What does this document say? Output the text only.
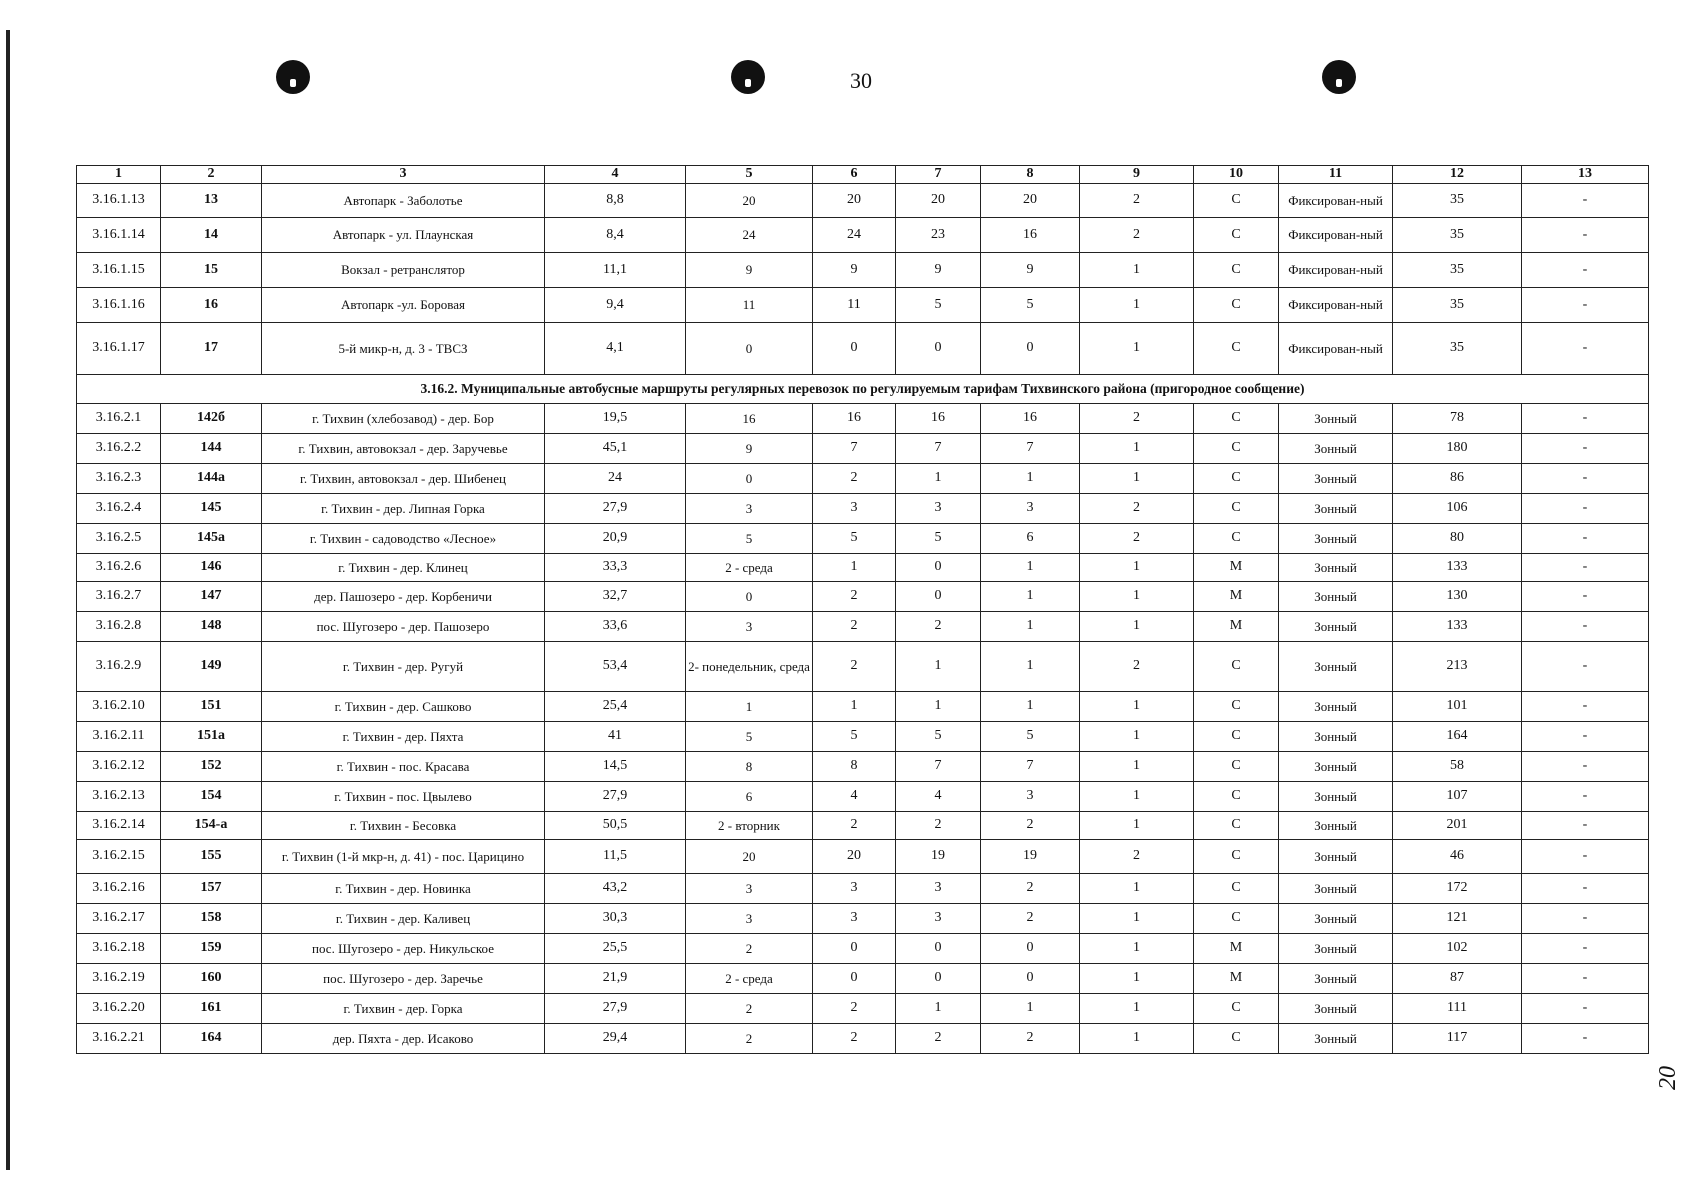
30
20
1	2	3	4	5	6	7	8	9	10	11	12	13
3.16.1.13	13	Автопарк - Заболотье	8,8	20	20	20	20	2	С	Фиксирован-ный	35	-
3.16.1.14	14	Автопарк - ул. Плаунская	8,4	24	24	23	16	2	С	Фиксирован-ный	35	-
3.16.1.15	15	Вокзал - ретранслятор	11,1	9	9	9	9	1	С	Фиксирован-ный	35	-
3.16.1.16	16	Автопарк -ул. Боровая	9,4	11	11	5	5	1	С	Фиксирован-ный	35	-
3.16.1.17	17	5-й микр-н, д. 3 - ТВСЗ	4,1	0	0	0	0	1	С	Фиксирован-ный	35	-
3.16.2. Муниципальные автобусные маршруты регулярных перевозок по регулируемым тарифам Тихвинского района (пригородное сообщение)												
3.16.2.1	142б	г. Тихвин (хлебозавод) - дер. Бор	19,5	16	16	16	16	2	С	Зонный	78	-
3.16.2.2	144	г. Тихвин, автовокзал - дер. Заручевье	45,1	9	7	7	7	1	С	Зонный	180	-
3.16.2.3	144а	г. Тихвин, автовокзал - дер. Шибенец	24	0	2	1	1	1	С	Зонный	86	-
3.16.2.4	145	г. Тихвин - дер. Липная Горка	27,9	3	3	3	3	2	С	Зонный	106	-
3.16.2.5	145а	г. Тихвин - садоводство «Лесное»	20,9	5	5	5	6	2	С	Зонный	80	-
3.16.2.6	146	г. Тихвин - дер. Клинец	33,3	2 - среда	1	0	1	1	М	Зонный	133	-
3.16.2.7	147	дер. Пашозеро - дер. Корбеничи	32,7	0	2	0	1	1	М	Зонный	130	-
3.16.2.8	148	пос. Шугозеро - дер. Пашозеро	33,6	3	2	2	1	1	М	Зонный	133	-
3.16.2.9	149	г. Тихвин - дер. Ругуй	53,4	2- понедельник, среда	2	1	1	2	С	Зонный	213	-
3.16.2.10	151	г. Тихвин - дер. Сашково	25,4	1	1	1	1	1	С	Зонный	101	-
3.16.2.11	151а	г. Тихвин - дер. Пяхта	41	5	5	5	5	1	С	Зонный	164	-
3.16.2.12	152	г. Тихвин - пос. Красава	14,5	8	8	7	7	1	С	Зонный	58	-
3.16.2.13	154	г. Тихвин - пос. Цвылево	27,9	6	4	4	3	1	С	Зонный	107	-
3.16.2.14	154-а	г. Тихвин - Бесовка	50,5	2 - вторник	2	2	2	1	С	Зонный	201	-
3.16.2.15	155	г. Тихвин (1-й мкр-н, д. 41) - пос. Царицино	11,5	20	20	19	19	2	С	Зонный	46	-
3.16.2.16	157	г. Тихвин - дер. Новинка	43,2	3	3	3	2	1	С	Зонный	172	-
3.16.2.17	158	г. Тихвин - дер. Каливец	30,3	3	3	3	2	1	С	Зонный	121	-
3.16.2.18	159	пос. Шугозеро - дер. Никульское	25,5	2	0	0	0	1	М	Зонный	102	-
3.16.2.19	160	пос. Шугозеро - дер. Заречье	21,9	2 - среда	0	0	0	1	М	Зонный	87	-
3.16.2.20	161	г. Тихвин - дер. Горка	27,9	2	2	1	1	1	С	Зонный	111	-
3.16.2.21	164	дер. Пяхта - дер. Исаково	29,4	2	2	2	2	1	С	Зонный	117	-
